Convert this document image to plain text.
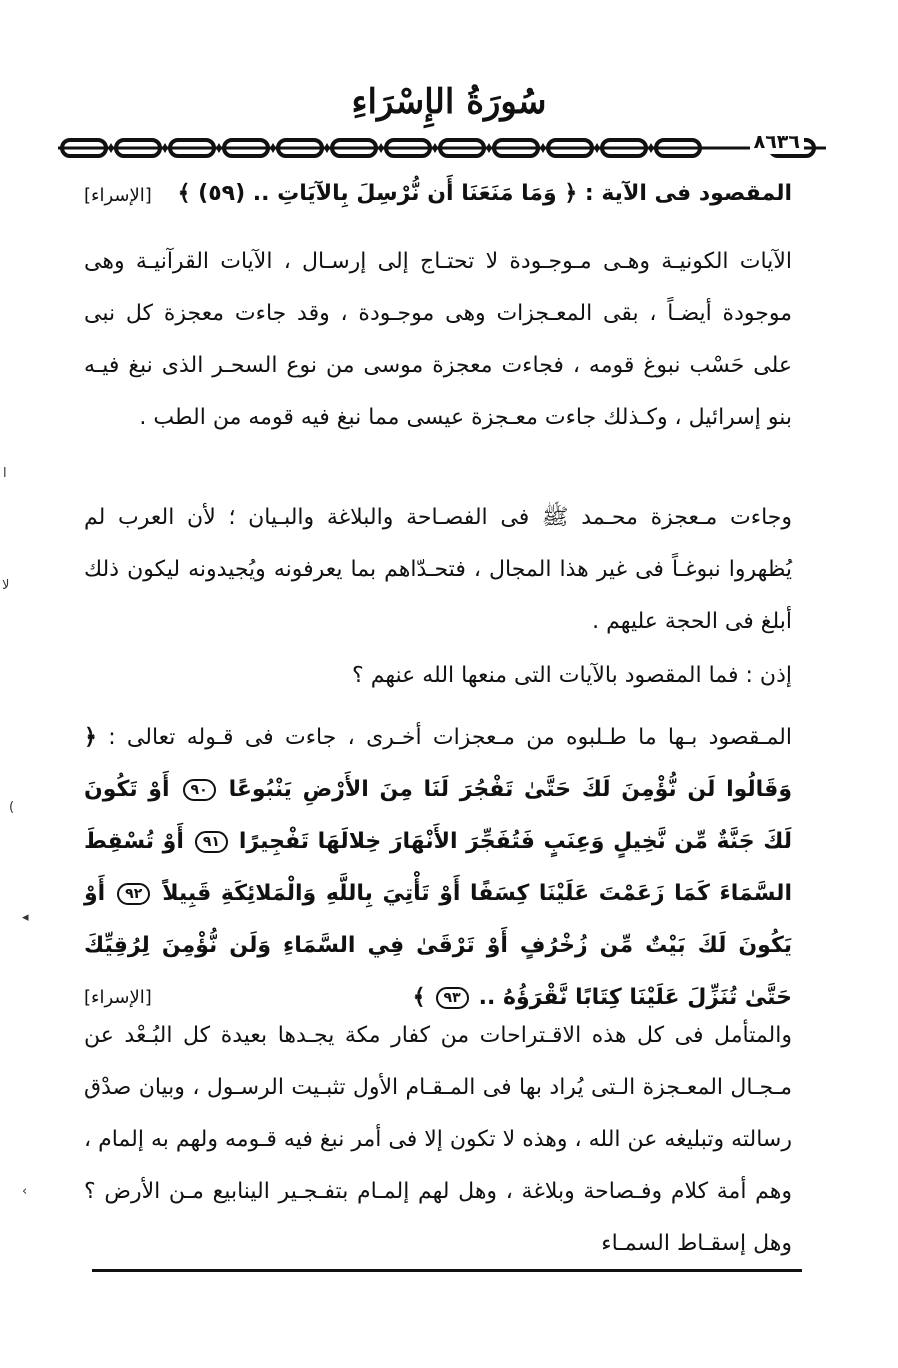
سُورَةُ الإِسْرَاءِ
٨٦٣٦
المقصود فى الآية : ﴿ وَمَا مَنَعَنَا أَن نُّرْسِلَ بِالآيَاتِ .. (٥٩) ﴾
[الإسراء]

الآيات الكونيـة وهـى مـوجـودة لا تحتـاج إلى إرسـال ، الآيات القرآنيـة وهى موجودة أيضـاً ، بقى المعـجزات وهى موجـودة ، وقد جاءت معجزة كل نبى على حَسْب نبوغ قومه ، فجاءت معجزة موسى من نوع السحـر الذى نبغ فيـه بنو إسرائيل ، وكـذلك جاءت معـجزة عيسى مما نبغ فيه قومه من الطب .

وجاءت مـعجزة محـمد ﷺ فى الفصـاحة والبلاغة والبـيان ؛ لأن العرب لم يُظهروا نبوغـاً فى غير هذا المجال ، فتحـدّاهم بما يعرفونه ويُجيدونه ليكون ذلك أبلغ فى الحجة عليهم .

إذن : فما المقصود بالآيات التى منعها الله عنهم ؟

المـقصود بـها ما طـلبوه من مـعجزات أخـرى ، جاءت فى قـوله تعالى : ﴿ وَقَالُوا لَن نُّؤْمِنَ لَكَ حَتَّىٰ تَفْجُرَ لَنَا مِنَ الأَرْضِ يَنْبُوعًا ٩٠ أَوْ تَكُونَ لَكَ جَنَّةٌ مِّن نَّخِيلٍ وَعِنَبٍ فَتُفَجِّرَ الأَنْهَارَ خِلالَهَا تَفْجِيرًا ٩١ أَوْ تُسْقِطَ السَّمَاءَ كَمَا زَعَمْتَ عَلَيْنَا كِسَفًا أَوْ تَأْتِيَ بِاللَّهِ وَالْمَلائِكَةِ قَبِيلاً ٩٢ أَوْ يَكُونَ لَكَ بَيْتٌ مِّن زُخْرُفٍ أَوْ تَرْقَىٰ فِي السَّمَاءِ وَلَن نُّؤْمِنَ لِرُقِيِّكَ حَتَّىٰ تُنَزِّلَ عَلَيْنَا كِتَابًا نَّقْرَؤُهُ .. ٩٣ ﴾
[الإسراء]

والمتأمل فى كل هذه الاقـتراحات من كفار مكة يجـدها بعيدة كل البُـعْد عن مـجـال المعـجزة الـتى يُراد بها فى المـقـام الأول تثبـيت الرسـول ، وبيان صدْق رسالته وتبليغه عن الله ، وهذه لا تكون إلا فى أمر نبغ فيه قـومه ولهم به إلمام ، وهم أمة كلام وفـصاحة وبلاغة ، وهل لهم إلمـام بتفـجـير الينابيع مـن الأرض ؟ وهل إسقـاط السمـاء

ا
ﻻ
)
◂
›
